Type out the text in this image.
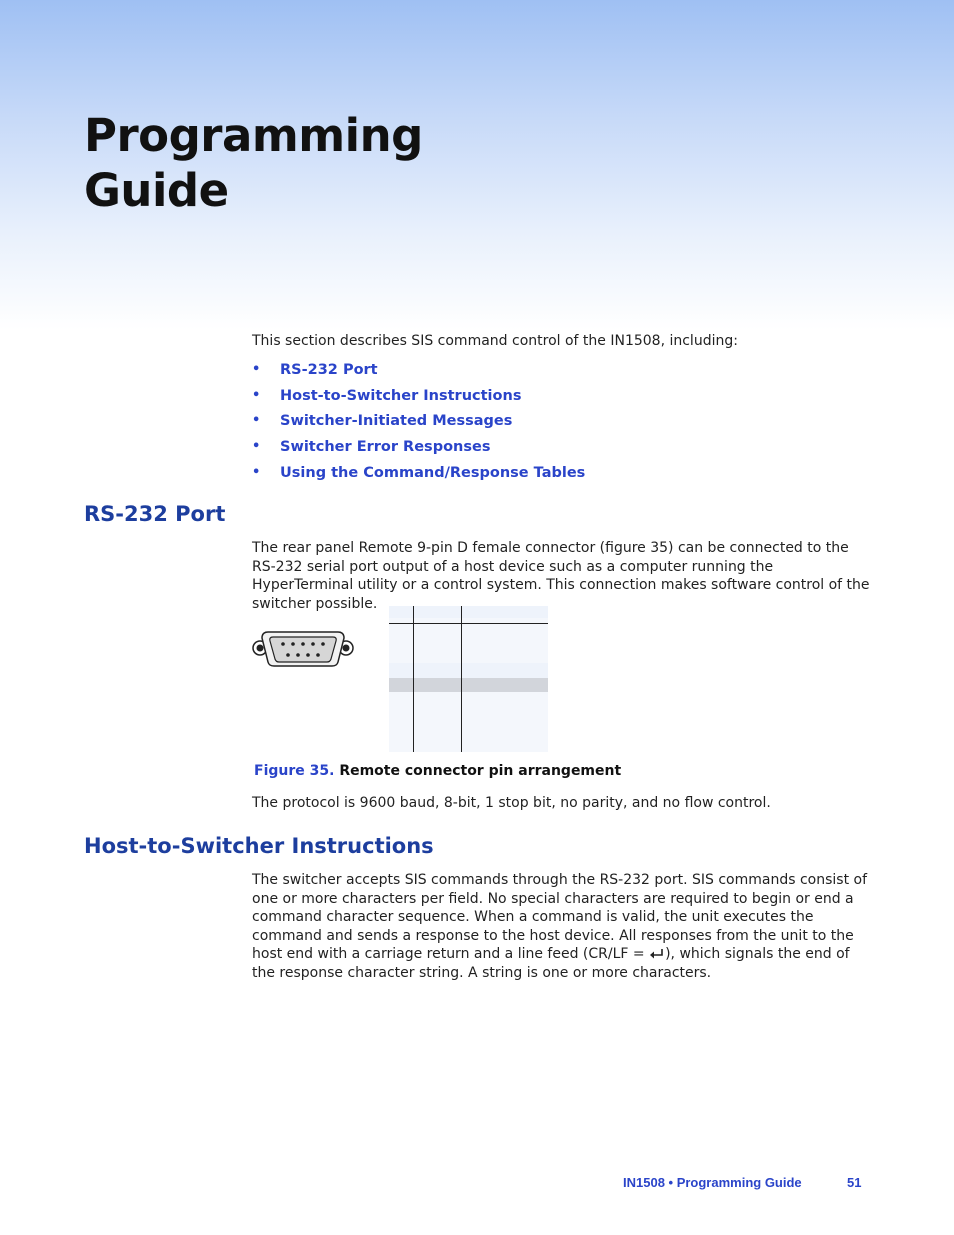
Programming
Guide
This section describes SIS command control of the IN1508, including:
•	RS-232 Port
•	Host-to-Switcher Instructions
•	Switcher-Initiated Messages
•	Switcher Error Responses
•	Using the Command/Response Tables
RS-232 Port
The rear panel Remote 9-pin D female connector (figure 35) can be connected to the RS-232 serial port output of a host device such as a computer running the HyperTerminal utility or a control system. This connection makes software control of the switcher possible.
Figure 35. Remote connector pin arrangement
The protocol is 9600 baud, 8-bit, 1 stop bit, no parity, and no flow control.
Host-to-Switcher Instructions
The switcher accepts SIS commands through the RS-232 port. SIS commands consist of one or more characters per field. No special characters are required to begin or end a command character sequence. When a command is valid, the unit executes the command and sends a response to the host device. All responses from the unit to the host end with a carriage return and a line feed (CR/LF = ), which signals the end of the response character string. A string is one or more characters.
IN1508 • Programming Guide	51
